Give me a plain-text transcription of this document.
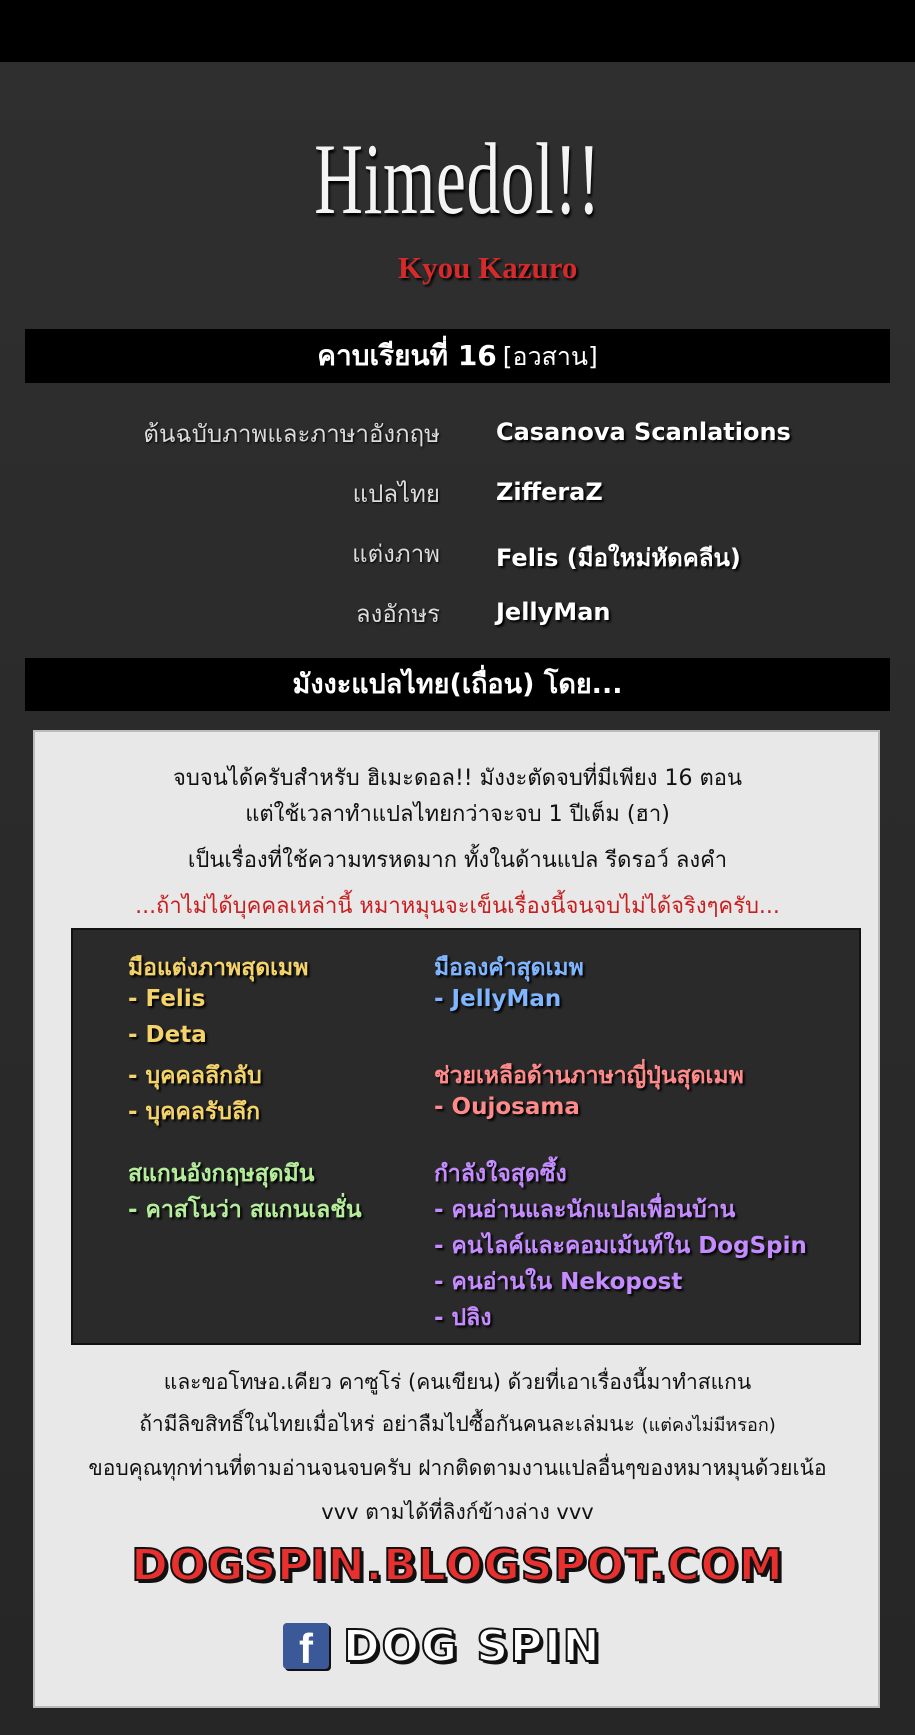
Himedol!!
Kyou Kazuro
คาบเรียนที่ 16 [อวสาน]
ต้นฉบับภาพและภาษาอังกฤษ Casanova Scanlations
แปลไทย ZifferaZ
แต่งภาพ Felis (มือใหม่หัดคลีน)
ลงอักษร JellyMan
มังงะแปลไทย(เถื่อน) โดย...
จบจนได้ครับสำหรับ ฮิเมะดอล!! มังงะตัดจบที่มีเพียง 16 ตอน
แต่ใช้เวลาทำแปลไทยกว่าจะจบ 1 ปีเต็ม (ฮา)
เป็นเรื่องที่ใช้ความทรหดมาก ทั้งในด้านแปล รีดรอว์ ลงคำ
...ถ้าไม่ได้บุคคลเหล่านี้ หมาหมุนจะเข็นเรื่องนี้จนจบไม่ได้จริงๆครับ...
มือแต่งภาพสุดเมพ
- Felis
- Deta
- บุคคลลึกลับ
- บุคคลรับลึก
สแกนอังกฤษสุดมึน
- คาสโนว่า สแกนเลชั่น
มือลงคำสุดเมพ
- JellyMan
ช่วยเหลือด้านภาษาญี่ปุ่นสุดเมพ
- Oujosama
กำลังใจสุดซึ้ง
- คนอ่านและนักแปลเพื่อนบ้าน
- คนไลค์และคอมเม้นท์ใน DogSpin
- คนอ่านใน Nekopost
- ปลิง
และขอโทษอ.เคียว คาซูโร่ (คนเขียน) ด้วยที่เอาเรื่องนี้มาทำสแกน
ถ้ามีลิขสิทธิ์ในไทยเมื่อไหร่ อย่าลืมไปซื้อกันคนละเล่มนะ (แต่คงไม่มีหรอก)
ขอบคุณทุกท่านที่ตามอ่านจนจบครับ ฝากติดตามงานแปลอื่นๆของหมาหมุนด้วยเน้อ
vvv ตามได้ที่ลิงก์ข้างล่าง vvv
DOGSPIN.BLOGSPOT.COM
f DOG SPIN
